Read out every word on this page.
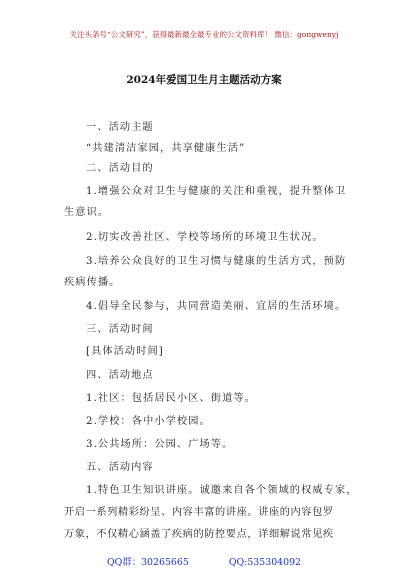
关注头条号“公文研究”，获得最新最全最专业的公文资料库！ 微信：gongwenyj
2024年爱国卫生月主题活动方案
一、活动主题
“共建清洁家园，共享健康生活”
二、活动目的
1.增强公众对卫生与健康的关注和重视，提升整体卫
生意识。
2.切实改善社区、学校等场所的环境卫生状况。
3.培养公众良好的卫生习惯与健康的生活方式，预防
疾病传播。
4.倡导全民参与，共同营造美丽、宜居的生活环境。
三、活动时间
[具体活动时间]
四、活动地点
1.社区：包括居民小区、街道等。
2.学校：各中小学校园。
3.公共场所：公园、广场等。
五、活动内容
1.特色卫生知识讲座。诚邀来自各个领域的权威专家，
开启一系列精彩纷呈、内容丰富的讲座。讲座的内容包罗
万象，不仅精心涵盖了疾病的防控要点，详细解说常见疾
QQ群：30265665	QQ:535304092
